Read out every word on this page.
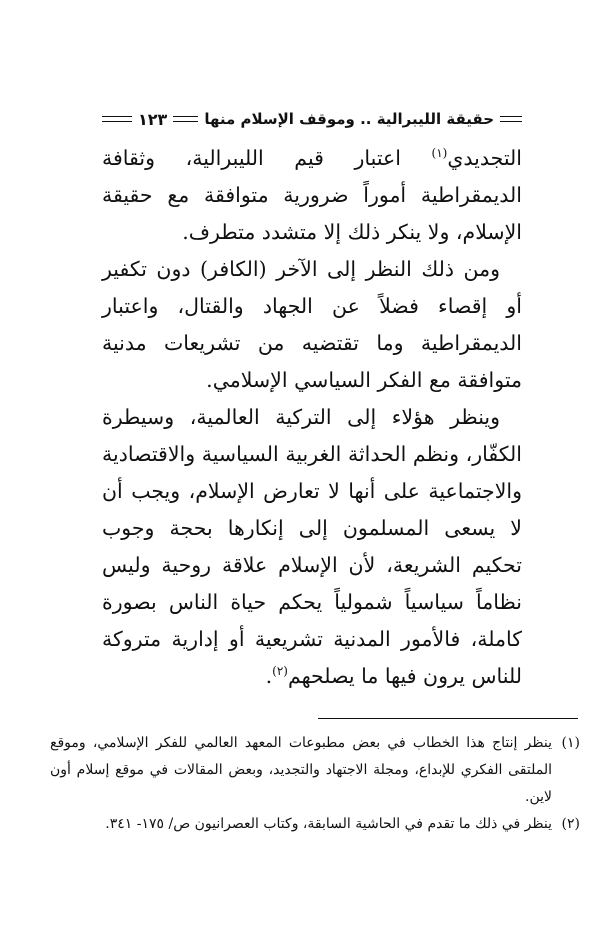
حقيقة الليبرالية .. وموقف الإسلام منها
١٢٣

التجديدي$^{(١)}$ اعتبار قيم الليبرالية، وثقافة الديمقراطية أموراً ضرورية متوافقة مع حقيقة الإسلام، ولا ينكر ذلك إلا متشدد متطرف.

ومن ذلك النظر إلى الآخر (الكافر) دون تكفير أو إقصاء فضلاً عن الجهاد والقتال، واعتبار الديمقراطية وما تقتضيه من تشريعات مدنية متوافقة مع الفكر السياسي الإسلامي.

وينظر هؤلاء إلى التركية العالمية، وسيطرة الكفّار، ونظم الحداثة الغربية السياسية والاقتصادية والاجتماعية على أنها لا تعارض الإسلام، ويجب أن لا يسعى المسلمون إلى إنكارها بحجة وجوب تحكيم الشريعة، لأن الإسلام علاقة روحية وليس نظاماً سياسياً شمولياً يحكم حياة الناس بصورة كاملة، فالأمور المدنية تشريعية أو إدارية متروكة للناس يرون فيها ما يصلحهم$^{(٢)}$.

(١)
ينظر إنتاج هذا الخطاب في بعض مطبوعات المعهد العالمي للفكر الإسلامي، وموقع الملتقى الفكري للإبداع، ومجلة الاجتهاد والتجديد، وبعض المقالات في موقع إسلام أون لاين.
(٢)
ينظر في ذلك ما تقدم في الحاشية السابقة، وكتاب العصرانيون ص/ ١٧٥- ٣٤١.
